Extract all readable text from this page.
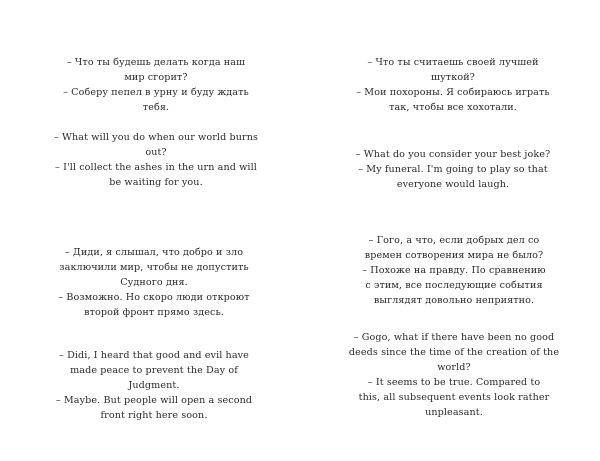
– Что ты будешь делать когда наш

мир сгорит?

– Соберу пепел в урну и буду ждать

тебя.

– What will you do when our world burns

out?

– I'll collect the ashes in the urn and will

be waiting for you.

– Что ты считаешь своей лучшей

шуткой?

– Мои похороны. Я собираюсь играть

так, чтобы все хохотали.

– What do you consider your best joke?

– My funeral. I'm going to play so that

everyone would laugh.

– Диди, я слышал, что добро и зло

заключили мир, чтобы не допустить

Судного дня.

– Возможно. Но скоро люди откроют

второй фронт прямо здесь.

– Didi, I heard that good and evil have

made peace to prevent the Day of

Judgment.

– Maybe. But people will open a second

front right here soon.

– Гого, а что, если добрых дел со

времен сотворения мира не было?

– Похоже на правду. По сравнению

с этим, все последующие события

выглядят довольно неприятно.

– Gogo, what if there have been no good

deeds since the time of the creation of the

world?

– It seems to be true. Compared to

this, all subsequent events look rather

unpleasant.
